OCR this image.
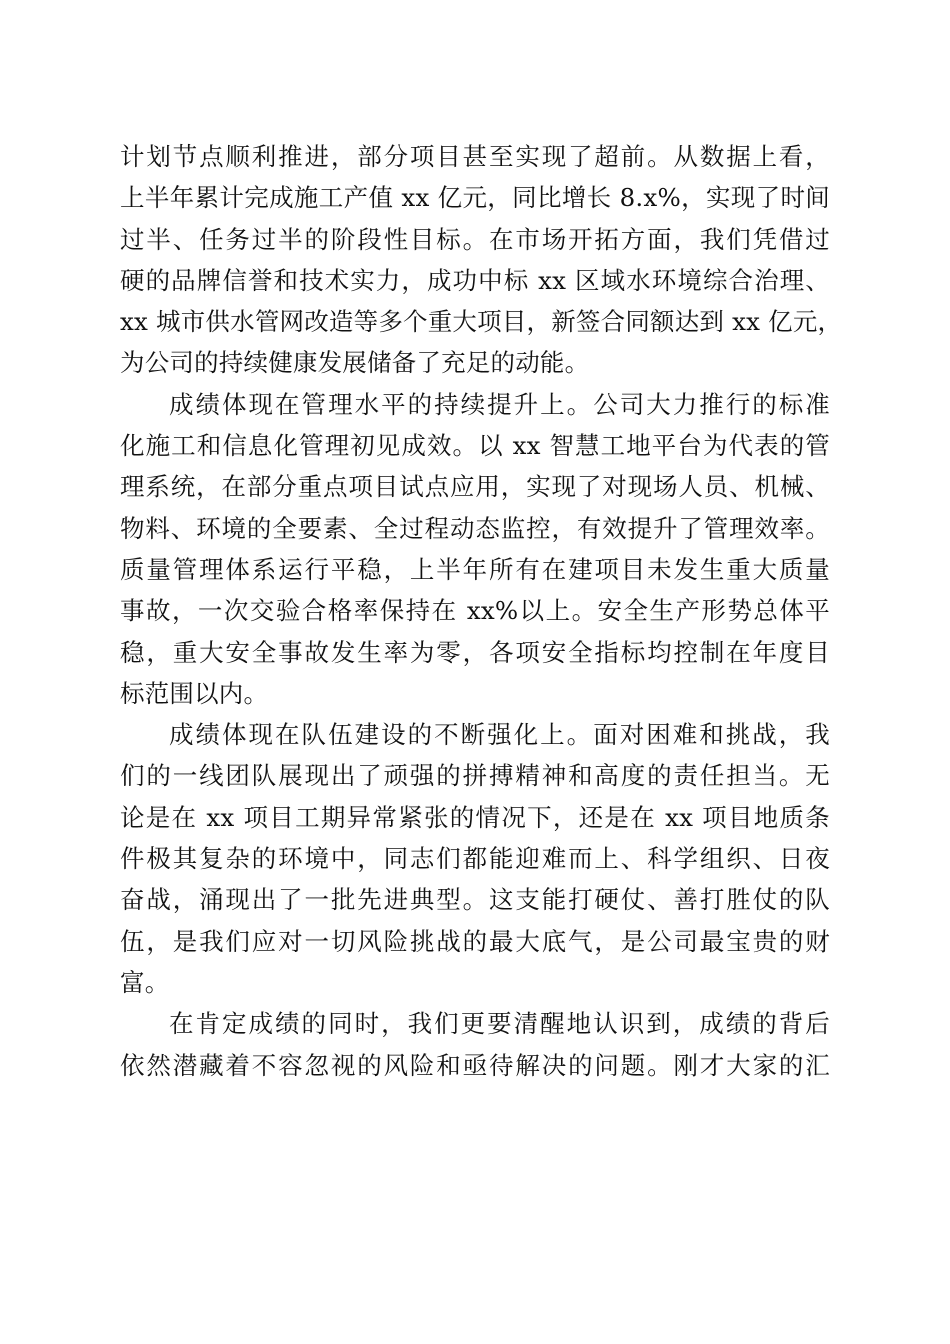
计划节点顺利推进，部分项目甚至实现了超前。从数据上看，
上半年累计完成施工产值 xx 亿元，同比增长 8.x%，实现了时间
过半、任务过半的阶段性目标。在市场开拓方面，我们凭借过
硬的品牌信誉和技术实力，成功中标 xx 区域水环境综合治理、
xx 城市供水管网改造等多个重大项目，新签合同额达到 xx 亿元，
为公司的持续健康发展储备了充足的动能。
成绩体现在管理水平的持续提升上。公司大力推行的标准
化施工和信息化管理初见成效。以 xx 智慧工地平台为代表的管
理系统，在部分重点项目试点应用，实现了对现场人员、机械、
物料、环境的全要素、全过程动态监控，有效提升了管理效率。
质量管理体系运行平稳，上半年所有在建项目未发生重大质量
事故，一次交验合格率保持在 xx%以上。安全生产形势总体平
稳，重大安全事故发生率为零，各项安全指标均控制在年度目
标范围以内。
成绩体现在队伍建设的不断强化上。面对困难和挑战，我
们的一线团队展现出了顽强的拼搏精神和高度的责任担当。无
论是在 xx 项目工期异常紧张的情况下，还是在 xx 项目地质条
件极其复杂的环境中，同志们都能迎难而上、科学组织、日夜
奋战，涌现出了一批先进典型。这支能打硬仗、善打胜仗的队
伍，是我们应对一切风险挑战的最大底气，是公司最宝贵的财
富。
在肯定成绩的同时，我们更要清醒地认识到，成绩的背后
依然潜藏着不容忽视的风险和亟待解决的问题。刚才大家的汇
